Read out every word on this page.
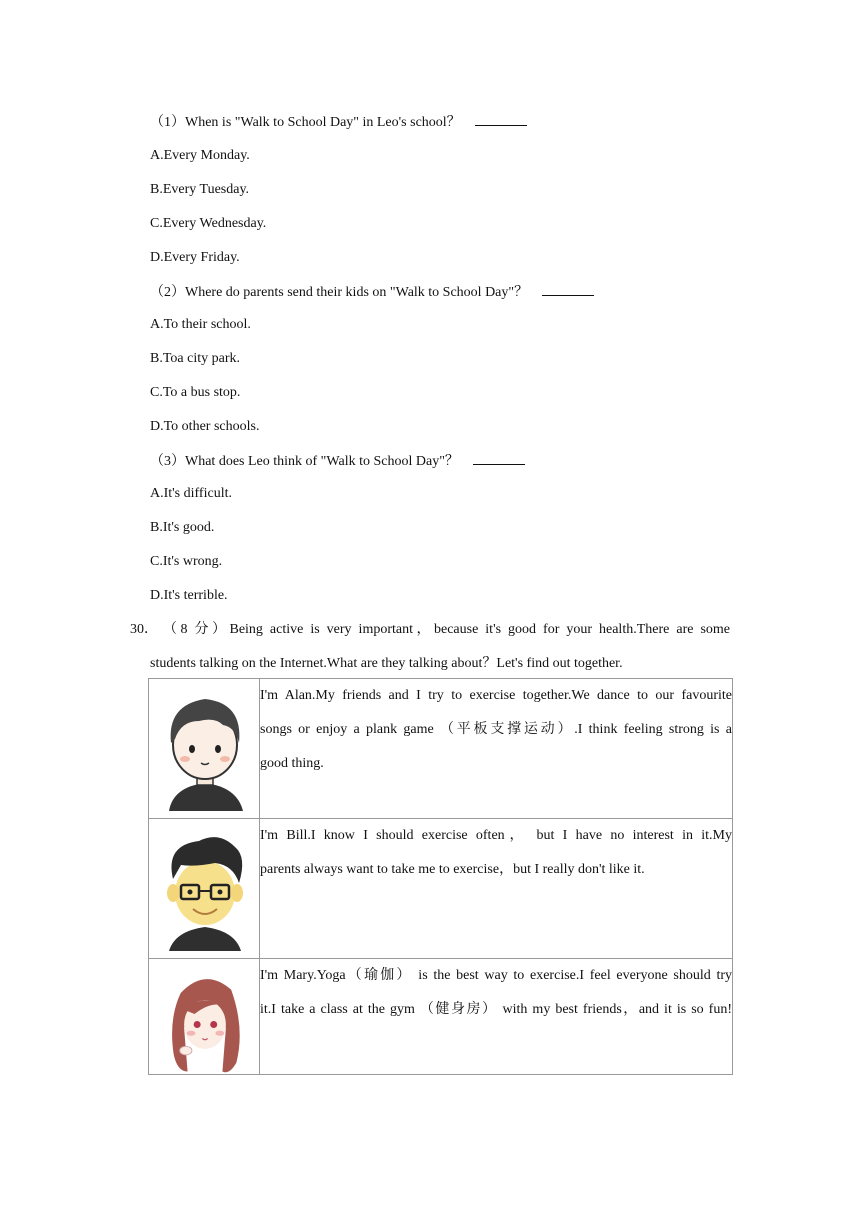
（1）When is "Walk to School Day" in Leo's school？
A.Every Monday.
B.Every Tuesday.
C.Every Wednesday.
D.Every Friday.
（2）Where do parents send their kids on "Walk to School Day"？
A.To their school.
B.Toa city park.
C.To a bus stop.
D.To other schools.
（3）What does Leo think of "Walk to School Day"？
A.It's difficult.
B.It's good.
C.It's wrong.
D.It's terrible.
30． （8 分）Being active is very important，because it's good for your health.There are some
students talking on the Internet.What are they talking about？Let's find out together.

I'm Alan.My friends and I try to exercise together.We dance to our favourite
songs or enjoy a plank game （平板支撑运动）.I think feeling strong is a
good thing.

I'm Bill.I know I should exercise often， but I have no interest in it.My
parents always want to take me to exercise，but I really don't like it.

I'm Mary.Yoga（瑜伽） is the best way to exercise.I feel everyone should try
it.I take a class at the gym （健身房） with my best friends，and it is so fun!
